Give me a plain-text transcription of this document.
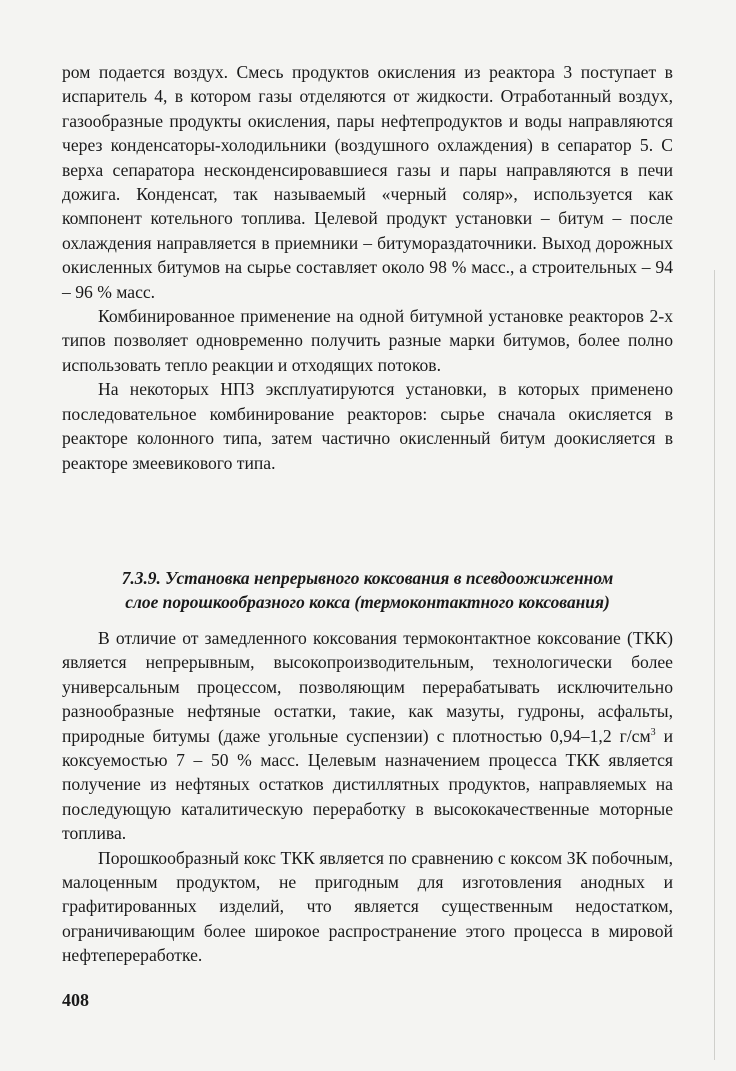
ром подается воздух. Смесь продуктов окисления из реактора 3 поступает в испаритель 4, в котором газы отделяются от жидкости. Отработанный воздух, газообразные продукты окисления, пары нефтепродуктов и воды направляются через конденсаторы-холодильники (воздушного охлаждения) в сепаратор 5. С верха сепаратора несконденсировавшиеся газы и пары направляются в печи дожига. Конденсат, так называемый «черный соляр», используется как компонент котельного топлива. Целевой продукт установки – битум – после охлаждения направляется в приемники – битумораздаточники. Выход дорожных окисленных битумов на сырье составляет около 98 % масс., а строительных – 94 – 96 % масс.

Комбинированное применение на одной битумной установке реакторов 2-х типов позволяет одновременно получить разные марки битумов, более полно использовать тепло реакции и отходящих потоков.

На некоторых НПЗ эксплуатируются установки, в которых применено последовательное комбинирование реакторов: сырье сначала окисляется в реакторе колонного типа, затем частично окисленный битум доокисляется в реакторе змеевикового типа.

7.3.9. Установка непрерывного коксования в псевдоожиженном
слое порошкообразного кокса (термоконтактного коксования)

В отличие от замедленного коксования термоконтактное коксование (ТКК) является непрерывным, высокопроизводительным, технологически более универсальным процессом, позволяющим перерабатывать исключительно разнообразные нефтяные остатки, такие, как мазуты, гудроны, асфальты, природные битумы (даже угольные суспензии) с плотностью 0,94–1,2 $г/см^3$ и коксуемостью 7 – 50 % масс. Целевым назначением процесса ТКК является получение из нефтяных остатков дистиллятных продуктов, направляемых на последующую каталитическую переработку в высококачественные моторные топлива.

Порошкообразный кокс ТКК является по сравнению с коксом ЗК побочным, малоценным продуктом, не пригодным для изготовления анодных и графитированных изделий, что является существенным недостатком, ограничивающим более широкое распространение этого процесса в мировой нефтепереработке.

408
